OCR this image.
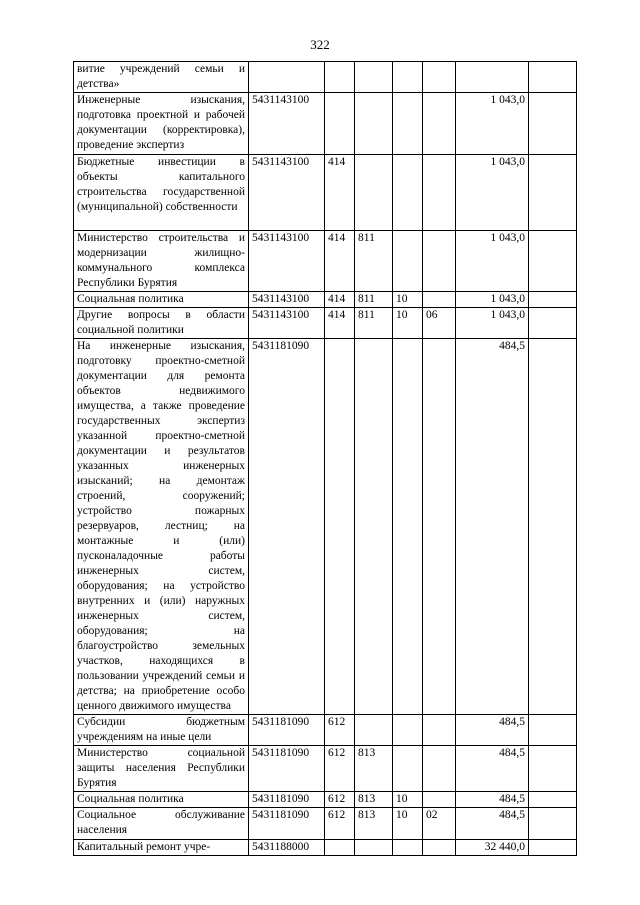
322
витие учреждений семьи и детства»							
Инженерные изыскания, подготовка проектной и рабочей документации (корректировка), проведение экспертиз	5431143100					1 043,0	
Бюджетные инвестиции в объекты капитального строительства государственной (муниципальной) собственности	5431143100	414				1 043,0	
Министерство строительства и модернизации жилищно-коммунального комплекса Республики Бурятия	5431143100	414	811			1 043,0	
Социальная политика	5431143100	414	811	10		1 043,0	
Другие вопросы в области социальной политики	5431143100	414	811	10	06	1 043,0	
На инженерные изыскания, подготовку проектно-сметной документации для ремонта объектов недвижимого имущества, а также проведение государственных экспертиз указанной проектно-сметной документации и результатов указанных инженерных изысканий; на демонтаж строений, сооружений; устройство пожарных резервуаров, лестниц; на монтажные и (или) пусконаладочные работы инженерных систем, оборудования; на устройство внутренних и (или) наружных инженерных систем, оборудования; на благоустройство земельных участков, находящихся в пользовании учреждений семьи и детства; на приобретение особо ценного движимого имущества	5431181090					484,5	
Субсидии бюджетным учреждениям на иные цели	5431181090	612				484,5	
Министерство социальной защиты населения Республики Бурятия	5431181090	612	813			484,5	
Социальная политика	5431181090	612	813	10		484,5	
Социальное обслуживание населения	5431181090	612	813	10	02	484,5	
Капитальный ремонт учре-	5431188000					32 440,0	
